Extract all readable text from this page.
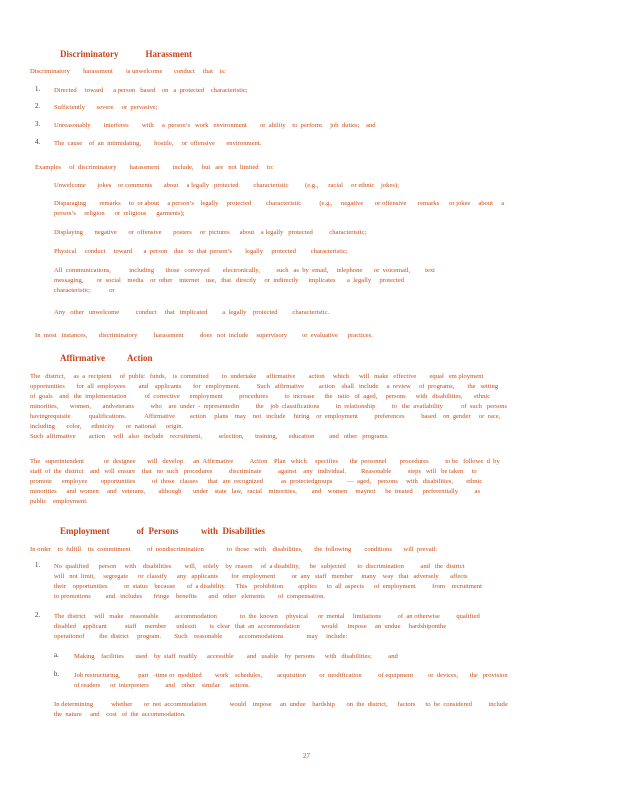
Discriminatory            Harassment
Discriminatory        harassment        is unwelcome       conduct     that    is:
1. Directed     toward      a person   based    on   a  protected    characteristic;
2. Sufficiently       severe     or  pervasive;
3. Unreasonably        interferes        with     a  person’s   work   environment        or  ability    to  perform     job  duties;    and
4. The  cause    of  an  intimidating,        hostile,     or  offensive       environment.
Examples     of  discriminatory        harassment        include,     but   are   not  limited     to:
Unwelcome       jokes    or comments       about     a legally   protected         characteristic          (e.g.,      racial     or ethnic    jokes);
Disparaging        remarks     to  or about     a person’s    legally     protected         characteristic           (e.g.,     negative       or offensive       remarks      or jokes     about     a
person’s     religion      or  religious      garments);
Displaying       negative       or  offensive       posters     or  pictures      about    a legally   protected          characteristic;
Physical     conduct     toward       a  person    due   to  that  person’s        legally     protected         characteristic;
All  communications,           including       those   conveyed        electronically,          such   as  by  email,     telephone       or  voicemail,         text
messaging,        or  social    media    or  other    internet    use,   that   directly     or  indirectly      implicates       a  legally     protected
characteristic;           or
Any   other   unwelcome          conduct     that   implicated         a  legally    protected         characteristic.
In  most   instances,       discriminatory          harassment          does   not  include     supervisory         or  evaluative      practices.
Affirmative          Action
The   district,     as  a  recipient     of  public   funds,    is  committed        to  undertake      affirmative        action     which      will   make   effective        equal   em ployment
opportunities       for  all  employees        and    applicants       for   employment.          Such   affirmative         action    shall   include     a  review     of  programs,        the   setting
of  goals    and   the  implementation           of  corrective      employment          procedures          to  increase      the   ratio   of  aged,     persons      with   disabilities,       ethnic
minorities,       women,       andveterans          who    are  under  -  representedin          the    job  classifications          in  relationship          to   the  availability           of  such   persons
havingrequisite           qualifications.           Affirmative         action     plans    may    not   include     hiring    or  employment          preferences          based    on  gender     or  race,
including       color,      ethnicity       or  national      origin.
Such  affirmative        action     will   also   include    recruitment,          selection,       training,       education         and   other   programs.
The   superintendent            or  designee       will   develop      an  Affirmative          Action    Plan   which     specifies       the  personnel        procedures          to be   followe  d  by
staff  of  the  district    and   will  ensure    that   no  such   procedures          discriminate          against    any   individual.         Reasonable          steps   will   be taken     to
promote      employee        opportunities          of  those   classes      that   are  recognized           as  protectedgroups         —  aged,    persons     with   disabilities,        ethnic
minorities      and  women     and   veterans,        although       under    state   law,   racial    minorities,         and    women     maynot      be  treated      preferentially          as
public    employment.
Employment            of  Persons          with  Disabilities
In order    to  fulfill    its  commitment          of  nondiscrimination              to  those   with    disabilities,       the  following        conditions       will  prevail:
1. No  qualified      person     with    disabilities        will,    solely    by  reason     of  a disability,      be   subjected       to  discrimination          and   the  district
will   not  limit,     segregate      or  classify      any   applicants        for  employment          or  any   staff   member     inany    way   that   adversely       affects
their    opportunities          or  status    because       of  a disability.      This    prohibition         applies      to  all  aspects      of  employment          from    recruitment
to promotions         and   includes       fringe    benefits       and   other   elements        of  compensation.
2. The  district     will   make    reasonable          accommodation              to  the  known     physical      or  mental     limitations          of  an otherwise          qualified
disabled    applicant           staff     member      unlessit        is  clear   that  an  accommodation             would      impose     an  undue     hardshiponthe
operationof         the  district     program.        Such    reasonable          accommodations              may     include:
a. Making    facilities       used    by  staff  readily      accessible        and   usable    by  persons      with   disabilities;          and
b. Job restructuring,           part   -time or  modified        work    schedules,         acquisition        or  modification          of equipment         or  devices,       the   provision
of readers      or  interpreters          and    other    similar      actions.
In determining           whether       or  not  accommodation              would    impose     an  undue    hardship       on  the  district,      factors      to  be  considered          include
the  nature     and    cost   of  the  accommodation.
27
